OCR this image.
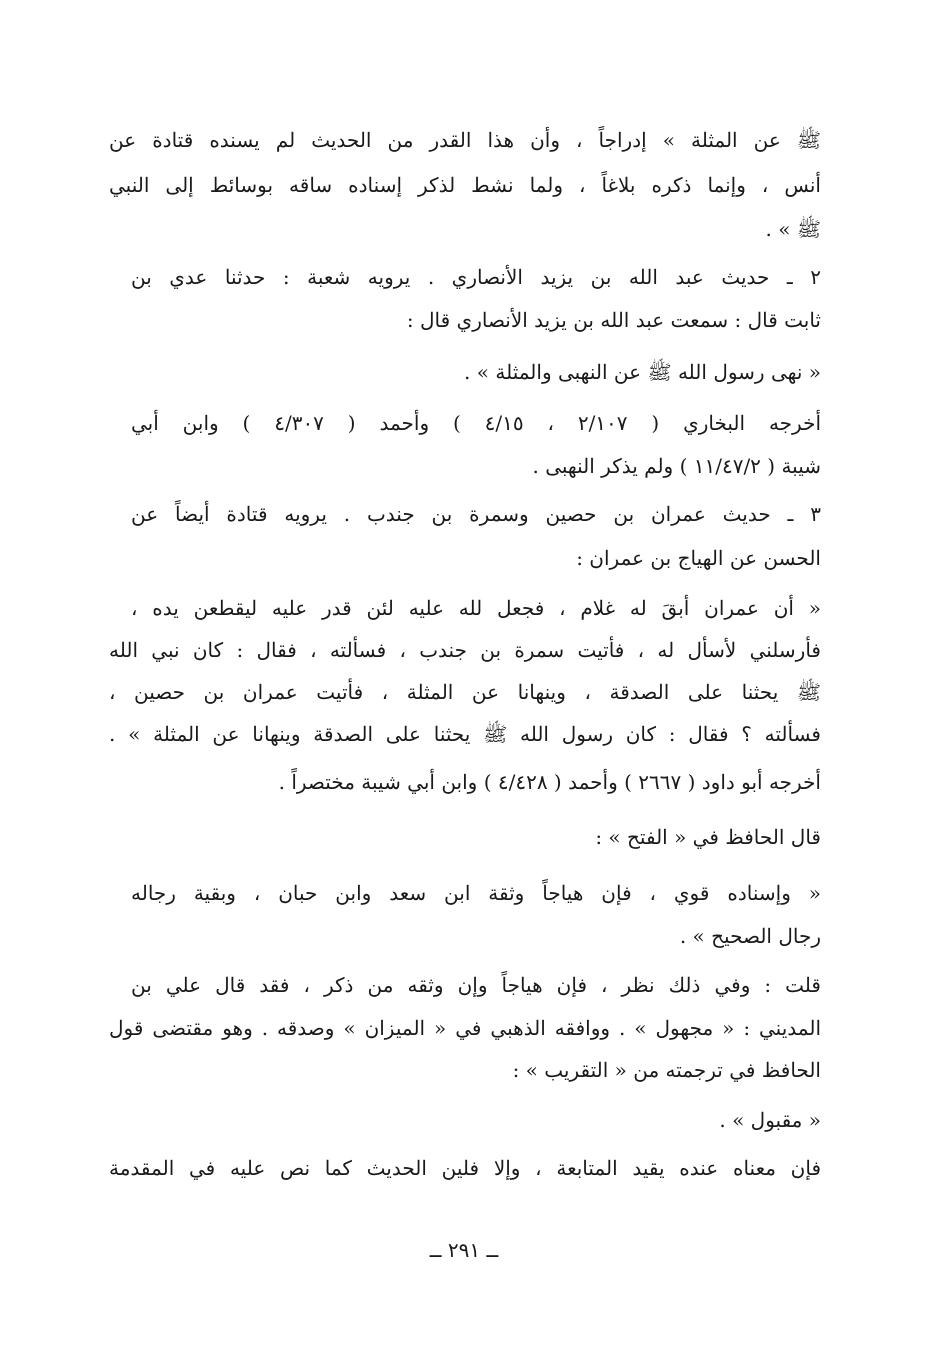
ﷺ عن المثلة » إدراجاً ، وأن هذا القدر من الحديث لم يسنده قتادة عن
أنس ، وإنما ذكره بلاغاً ، ولما نشط لذكر إسناده ساقه بوسائط إلى النبي
ﷺ » .
٢ ـ حديث عبد الله بن يزيد الأنصاري . يرويه شعبة : حدثنا عدي بن
ثابت قال : سمعت عبد الله بن يزيد الأنصاري قال :
« نهى رسول الله ﷺ عن النهبى والمثلة » .
أخرجه البخاري ( ٢/١٠٧ ، ٤/١٥ ) وأحمد ( ٤/٣٠٧ ) وابن أبي
شيبة ( ١١/٤٧/٢ ) ولم يذكر النهبى .
٣ ـ حديث عمران بن حصين وسمرة بن جندب . يرويه قتادة أيضاً عن
الحسن عن الهياج بن عمران :
« أن عمران أبقَ له غلام ، فجعل لله عليه لئن قدر عليه ليقطعن يده ،
فأرسلني لأسأل له ، فأتيت سمرة بن جندب ، فسألته ، فقال : كان نبي الله
ﷺ يحثنا على الصدقة ، وينهانا عن المثلة ، فأتيت عمران بن حصين ،
فسألته ؟ فقال : كان رسول الله ﷺ يحثنا على الصدقة وينهانا عن المثلة » .
أخرجه أبو داود ( ٢٦٦٧ ) وأحمد ( ٤/٤٢٨ ) وابن أبي شيبة مختصراً .
قال الحافظ في « الفتح » :
« وإسناده قوي ، فإن هياجاً وثقة ابن سعد وابن حبان ، وبقية رجاله
رجال الصحيح » .
قلت : وفي ذلك نظر ، فإن هياجاً وإن وثقه من ذكر ، فقد قال علي بن
المديني : « مجهول » . ووافقه الذهبي في « الميزان » وصدقه . وهو مقتضى قول
الحافظ في ترجمته من « التقريب » :
« مقبول » .
فإن معناه عنده يقيد المتابعة ، وإلا فلين الحديث كما نص عليه في المقدمة
ــ ٢٩١ ــ
